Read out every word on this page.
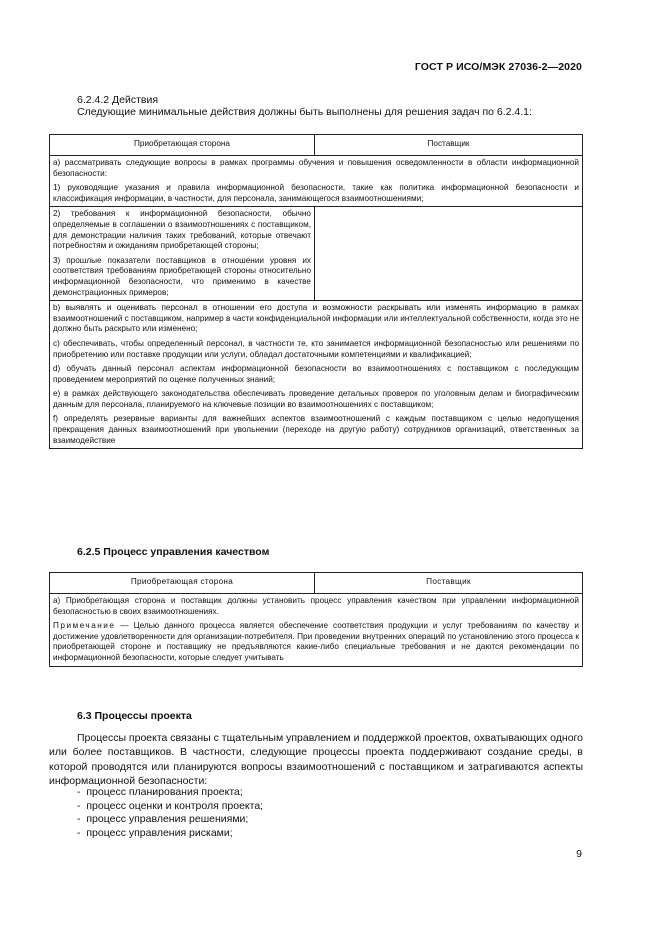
ГОСТ Р ИСО/МЭК 27036-2—2020
6.2.4.2 Действия
Следующие минимальные действия должны быть выполнены для решения задач по 6.2.4.1:
Приобретающая сторона	Поставщик

а) рассматривать следующие вопросы в рамках программы обучения и повышения осведомленности в области информационной безопасности:

1) руководящие указания и правила информационной безопасности, такие как политика информационной безопасности и классификация информации, в частности, для персонала, занимающегося взаимоотношениями;	

2) требования к информационной безопасности, обычно определяемые в соглашении о взаимоотношениях с поставщиком, для демонстрации наличия таких требований, которые отвечают потребностям и ожиданиям приобретающей стороны;

3) прошлые показатели поставщиков в отношении уровня их соответствия требованиям приобретающей стороны относительно информационной безопасности, что применимо в качестве демонстрационных примеров;	

b) выявлять и оценивать персонал в отношении его доступа и возможности раскрывать или изменять информацию в рамках взаимоотношений с поставщиком, например в части конфиденциальной информации или интеллектуальной собственности, когда это не должно быть раскрыто или изменено;

c) обеспечивать, чтобы определенный персонал, в частности те, кто занимается информационной безопасностью или решениями по приобретению или поставке продукции или услуги, обладал достаточными компетенциями и квалификацией;

d) обучать данный персонал аспектам информационной безопасности во взаимоотношениях с поставщиком с последующим проведением мероприятий по оценке полученных знаний;

е) в рамках действующего законодательства обеспечивать проведение детальных проверок по уголовным делам и биографическим данным для персонала, планируемого на ключевые позиции во взаимоотношениях с поставщиком;

f) определять резервные варианты для важнейших аспектов взаимоотношений с каждым поставщиком с целью недопущения прекращения данных взаимоотношений при увольнении (переходе на другую работу) сотрудников организаций, ответственных за взаимодействие	

6.2.5 Процесс управления качеством
Приобретающая сторона	Поставщик

а) Приобретающая сторона и поставщик должны установить процесс управления качеством при управлении информационной безопасностью в своих взаимоотношениях.

Примечание — Целью данного процесса является обеспечение соответствия продукции и услуг требованиям по качеству и достижение удовлетворенности для организации-потребителя. При проведении внутренних операций по установлению этого процесса к приобретающей стороне и поставщику не предъявляются какие-либо специальные требования и не даются рекомендации по информационной безопасности, которые следует учитывать

6.3 Процессы проекта
Процессы проекта связаны с тщательным управлением и поддержкой проектов, охватывающих одного или более поставщиков. В частности, следующие процессы проекта поддерживают создание среды, в которой проводятся или планируются вопросы взаимоотношений с поставщиком и затрагиваются аспекты информационной безопасности:
-  процесс планирования проекта;
-  процесс оценки и контроля проекта;
-  процесс управления решениями;
-  процесс управления рисками;
9
